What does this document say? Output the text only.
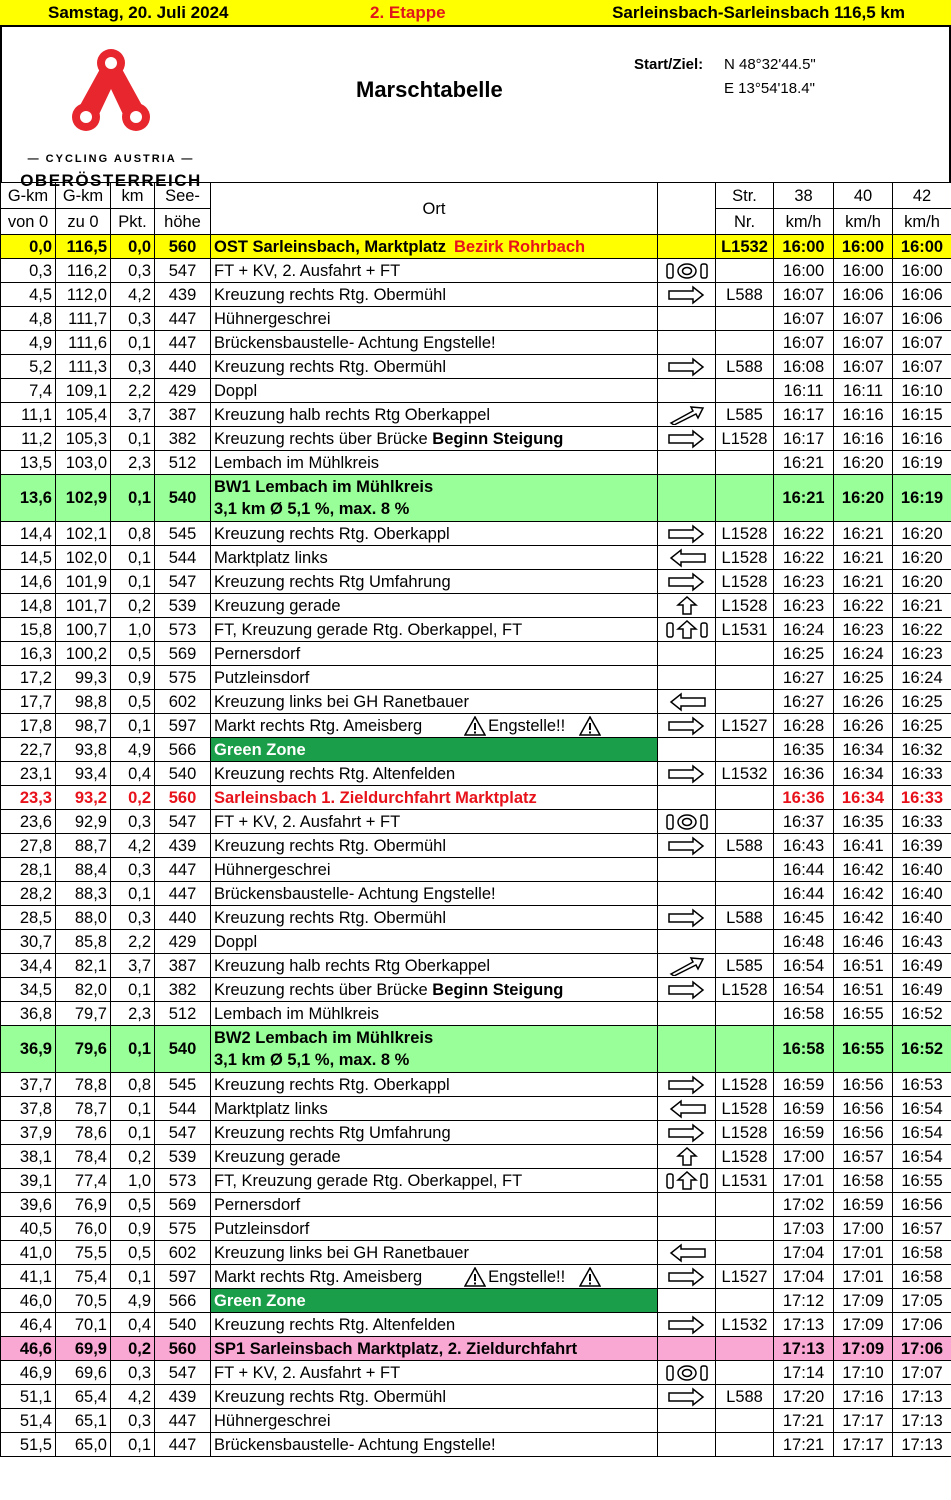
Samstag, 20. Juli 2024	2. Etappe	Sarleinsbach-Sarleinsbach 116,5 km
— CYCLING AUSTRIA —
OBERÖSTERREICH
Marschtabelle
Start/Ziel: N 48°32'44.5"
E 13°54'18.4"
G-km	G-km	km	See-	Ort		Str.	38	40	42
von 0	zu 0	Pkt.	höhe			Nr.	km/h	km/h	km/h
0,0	116,5	0,0	560	OST Sarleinsbach, Marktplatz Bezirk Rohrbach		L1532	16:00	16:00	16:00
0,3	116,2	0,3	547	FT + KV, 2. Ausfahrt + FT			16:00	16:00	16:00
4,5	112,0	4,2	439	Kreuzung rechts Rtg. Obermühl		L588	16:07	16:06	16:06
4,8	111,7	0,3	447	Hühnergeschrei			16:07	16:07	16:06
4,9	111,6	0,1	447	Brückensbaustelle- Achtung Engstelle!			16:07	16:07	16:07
5,2	111,3	0,3	440	Kreuzung rechts Rtg. Obermühl		L588	16:08	16:07	16:07
7,4	109,1	2,2	429	Doppl			16:11	16:11	16:10
11,1	105,4	3,7	387	Kreuzung halb rechts Rtg Oberkappel		L585	16:17	16:16	16:15
11,2	105,3	0,1	382	Kreuzung rechts über Brücke Beginn Steigung		L1528	16:17	16:16	16:16
13,5	103,0	2,3	512	Lembach im Mühlkreis			16:21	16:20	16:19
13,6	102,9	0,1	540	BW1 Lembach im Mühlkreis
3,1 km Ø 5,1 %, max. 8 %			16:21	16:20	16:19
14,4	102,1	0,8	545	Kreuzung rechts Rtg. Oberkappl		L1528	16:22	16:21	16:20
14,5	102,0	0,1	544	Marktplatz links		L1528	16:22	16:21	16:20
14,6	101,9	0,1	547	Kreuzung rechts Rtg Umfahrung		L1528	16:23	16:21	16:20
14,8	101,7	0,2	539	Kreuzung gerade		L1528	16:23	16:22	16:21
15,8	100,7	1,0	573	FT, Kreuzung gerade Rtg. Oberkappel, FT		L1531	16:24	16:23	16:22
16,3	100,2	0,5	569	Pernersdorf			16:25	16:24	16:23
17,2	99,3	0,9	575	Putzleinsdorf			16:27	16:25	16:24
17,7	98,8	0,5	602	Kreuzung links bei GH Ranetbauer			16:27	16:26	16:25
17,8	98,7	0,1	597	Markt rechts Rtg. Ameisberg Engstelle!!		L1527	16:28	16:26	16:25
22,7	93,8	4,9	566	Green Zone			16:35	16:34	16:32
23,1	93,4	0,4	540	Kreuzung rechts Rtg. Altenfelden		L1532	16:36	16:34	16:33
23,3	93,2	0,2	560	Sarleinsbach 1. Zieldurchfahrt Marktplatz			16:36	16:34	16:33
23,6	92,9	0,3	547	FT + KV, 2. Ausfahrt + FT			16:37	16:35	16:33
27,8	88,7	4,2	439	Kreuzung rechts Rtg. Obermühl		L588	16:43	16:41	16:39
28,1	88,4	0,3	447	Hühnergeschrei			16:44	16:42	16:40
28,2	88,3	0,1	447	Brückensbaustelle- Achtung Engstelle!			16:44	16:42	16:40
28,5	88,0	0,3	440	Kreuzung rechts Rtg. Obermühl		L588	16:45	16:42	16:40
30,7	85,8	2,2	429	Doppl			16:48	16:46	16:43
34,4	82,1	3,7	387	Kreuzung halb rechts Rtg Oberkappel		L585	16:54	16:51	16:49
34,5	82,0	0,1	382	Kreuzung rechts über Brücke Beginn Steigung		L1528	16:54	16:51	16:49
36,8	79,7	2,3	512	Lembach im Mühlkreis			16:58	16:55	16:52
36,9	79,6	0,1	540	BW2 Lembach im Mühlkreis
3,1 km Ø 5,1 %, max. 8 %			16:58	16:55	16:52
37,7	78,8	0,8	545	Kreuzung rechts Rtg. Oberkappl		L1528	16:59	16:56	16:53
37,8	78,7	0,1	544	Marktplatz links		L1528	16:59	16:56	16:54
37,9	78,6	0,1	547	Kreuzung rechts Rtg Umfahrung		L1528	16:59	16:56	16:54
38,1	78,4	0,2	539	Kreuzung gerade		L1528	17:00	16:57	16:54
39,1	77,4	1,0	573	FT, Kreuzung gerade Rtg. Oberkappel, FT		L1531	17:01	16:58	16:55
39,6	76,9	0,5	569	Pernersdorf			17:02	16:59	16:56
40,5	76,0	0,9	575	Putzleinsdorf			17:03	17:00	16:57
41,0	75,5	0,5	602	Kreuzung links bei GH Ranetbauer			17:04	17:01	16:58
41,1	75,4	0,1	597	Markt rechts Rtg. Ameisberg Engstelle!!		L1527	17:04	17:01	16:58
46,0	70,5	4,9	566	Green Zone			17:12	17:09	17:05
46,4	70,1	0,4	540	Kreuzung rechts Rtg. Altenfelden		L1532	17:13	17:09	17:06
46,6	69,9	0,2	560	SP1 Sarleinsbach Marktplatz, 2. Zieldurchfahrt			17:13	17:09	17:06
46,9	69,6	0,3	547	FT + KV, 2. Ausfahrt + FT			17:14	17:10	17:07
51,1	65,4	4,2	439	Kreuzung rechts Rtg. Obermühl		L588	17:20	17:16	17:13
51,4	65,1	0,3	447	Hühnergeschrei			17:21	17:17	17:13
51,5	65,0	0,1	447	Brückensbaustelle- Achtung Engstelle!			17:21	17:17	17:13
